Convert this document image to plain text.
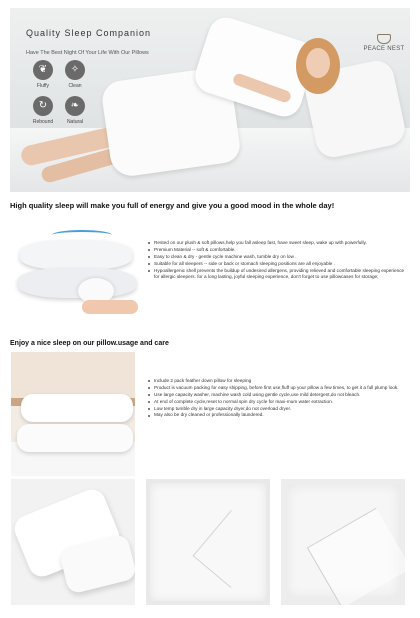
Quality Sleep Companion
Have The Best Night Of Your Life With Our Pillows
PEACE NEST
❦
Fluffy
✧
Clean
↻
Rebound
❧
Natural
High quality sleep will make you full of energy and give you a good mood in the whole day!
Rested on our plush & soft pillows,help you fall asleep fast, have sweet sleep, wake up with powerfully.
Premium Material -- soft & comfortable.
Easy to clean & dry - gentle cycle machine wash, tumble dry on low .
Suitable for all sleepers -- side or back or stomach sleeping positions are all enjoyable .
Hypoallergenic shell prevents the buildup of undesired allergens, providing relieved and comfortable sleeping experience for allergic sleepers. for a long lasting, joyful sleeping experience, don't forget to use pillowcases for storage;
Enjoy a nice sleep on our pillow.usage and care
Include 2 pack feather down pillow for sleeping
Product is vacuum packing for easy shipping, before first use,fluff up your pillow a few times, to get it a full plump look.
Use large capacity washer, machine wash cold using gentle cycle,use mild detergent,do not bleach.
At end of complete cycle,reset to normal spin dry cycle for maxi-mum water extraction.
Low temp tumble dry in large capacity dryer,do not overload dryer.
May also be dry cleaned or professionally laundered.
